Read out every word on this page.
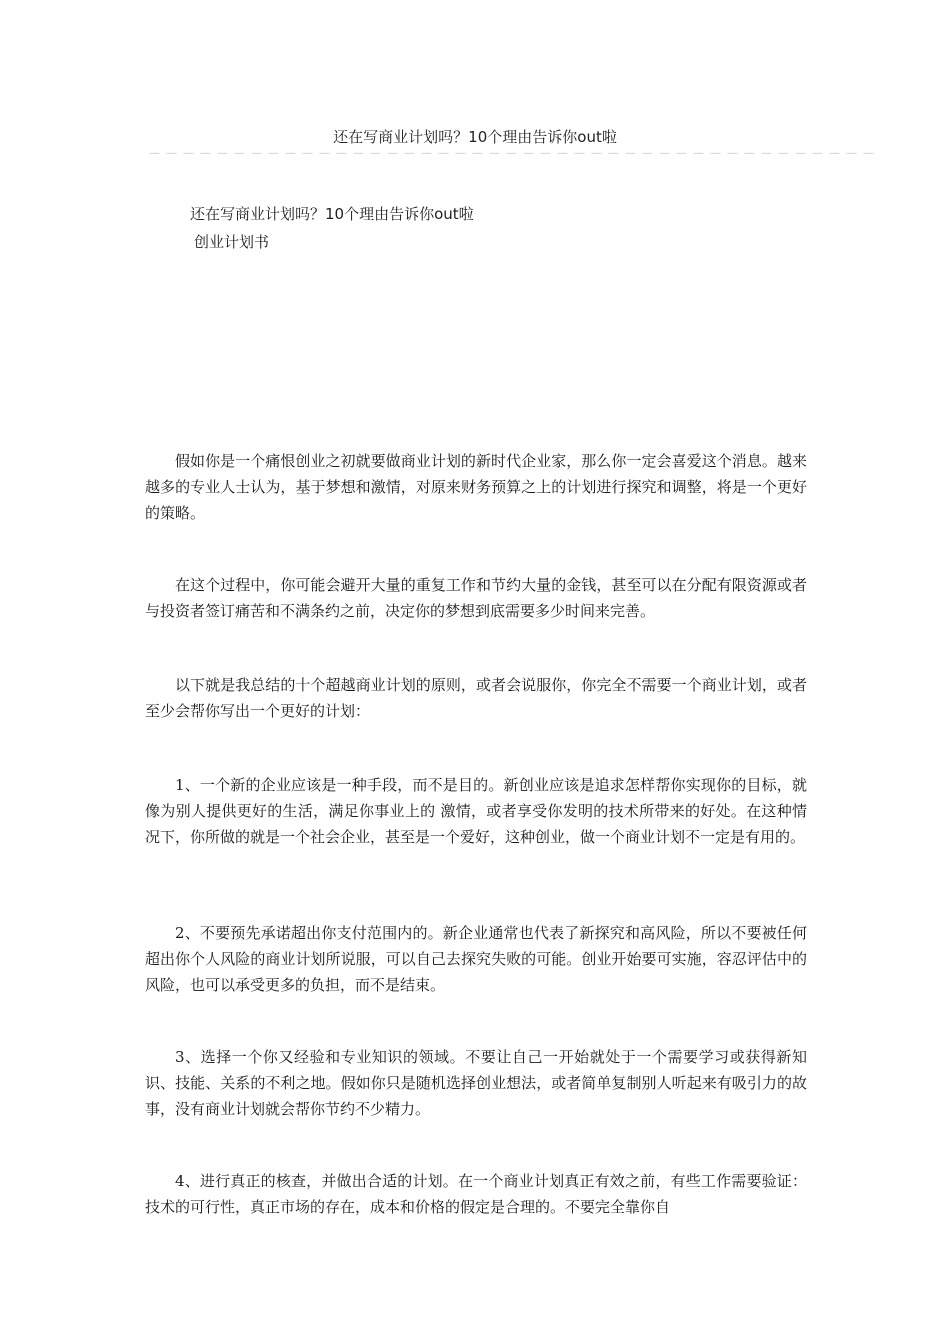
还在写商业计划吗？10个理由告诉你out啦
－－－－－－－－－－－－－－－－－－－－－－－－－－－－－－－－－－－－－－－－－－－
还在写商业计划吗？10个理由告诉你out啦
创业计划书

假如你是一个痛恨创业之初就要做商业计划的新时代企业家，那么你一定会喜爱这个消息。越来越多的专业人士认为，基于梦想和激情，对原来财务预算之上的计划进行探究和调整，将是一个更好的策略。

在这个过程中，你可能会避开大量的重复工作和节约大量的金钱，甚至可以在分配有限资源或者与投资者签订痛苦和不满条约之前，决定你的梦想到底需要多少时间来完善。

以下就是我总结的十个超越商业计划的原则，或者会说服你，你完全不需要一个商业计划，或者至少会帮你写出一个更好的计划：

1、一个新的企业应该是一种手段，而不是目的。新创业应该是追求怎样帮你实现你的目标，就像为别人提供更好的生活，满足你事业上的 激情，或者享受你发明的技术所带来的好处。在这种情况下，你所做的就是一个社会企业，甚至是一个爱好，这种创业，做一个商业计划不一定是有用的。

2、不要预先承诺超出你支付范围内的。新企业通常也代表了新探究和高风险，所以不要被任何超出你个人风险的商业计划所说服，可以自己去探究失败的可能。创业开始要可实施，容忍评估中的风险，也可以承受更多的负担，而不是结束。

3、选择一个你又经验和专业知识的领域。不要让自己一开始就处于一个需要学习或获得新知识、技能、关系的不利之地。假如你只是随机选择创业想法，或者简单复制别人听起来有吸引力的故事，没有商业计划就会帮你节约不少精力。

4、进行真正的核查，并做出合适的计划。在一个商业计划真正有效之前，有些工作需要验证：技术的可行性，真正市场的存在，成本和价格的假定是合理的。不要完全靠你自
